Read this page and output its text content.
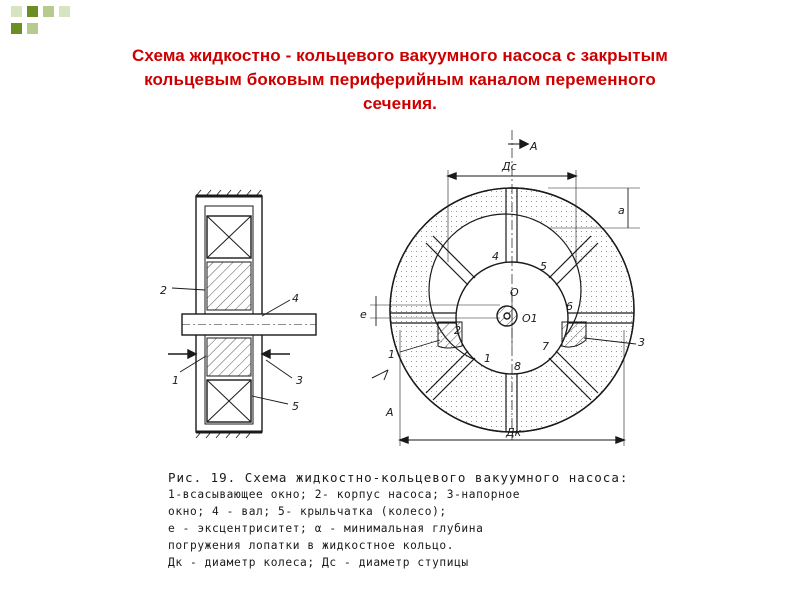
Схема жидкостно - кольцевого вакуумного насоса с закрытым
кольцевым боковым периферийным каналом переменного
сечения.
2
1
4
3
5
A
A
Дс
Дк
a
e
O
O1
1
2
3
4
5
6
7
8
1
Рис. 19. Схема жидкостно-кольцевого вакуумного насоса:
1-всасывающее окно; 2- корпус насоса; 3-напорное
окно; 4 - вал; 5- крыльчатка (колесо);
е - эксцентриситет; α - минимальная глубина
погружения лопатки в жидкостное кольцо.
Дк - диаметр колеса; Дс - диаметр ступицы
